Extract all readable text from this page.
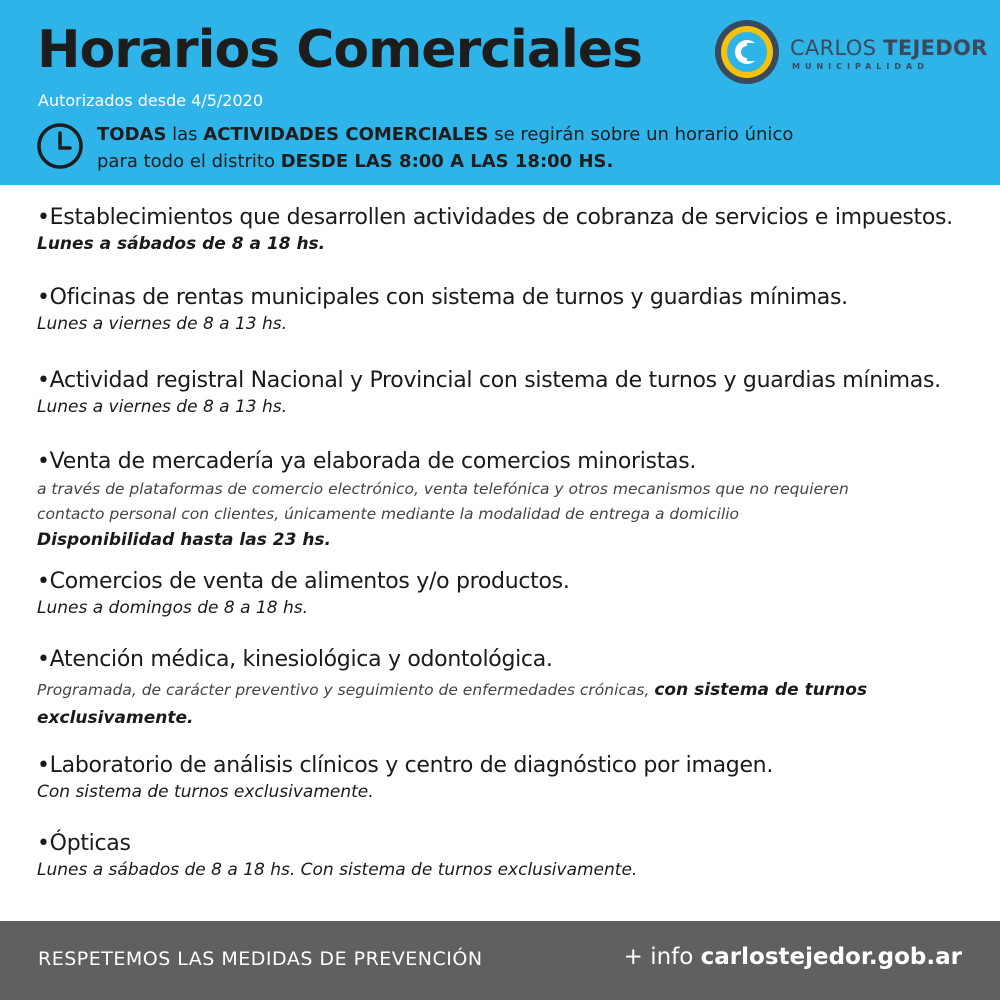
Horarios Comerciales
Autorizados desde 4/5/2020
TODAS las ACTIVIDADES COMERCIALES se regirán sobre un horario único
para todo el distrito DESDE LAS 8:00 A LAS 18:00 HS.
CARLOS TEJEDOR
MUNICIPALIDAD
•Establecimientos que desarrollen actividades de cobranza de servicios e impuestos.
Lunes a sábados de 8 a 18 hs.
•Oficinas de rentas municipales con sistema de turnos y guardias mínimas.
Lunes a viernes de 8 a 13 hs.
•Actividad registral Nacional y Provincial con sistema de turnos y guardias mínimas.
Lunes a viernes de 8 a 13 hs.
•Venta de mercadería ya elaborada de comercios minoristas.
a través de plataformas de comercio electrónico, venta telefónica y otros mecanismos que no requieren
contacto personal con clientes, únicamente mediante la modalidad de entrega a domicilio
Disponibilidad hasta las 23 hs.
•Comercios de venta de alimentos y/o productos.
Lunes a domingos de 8 a 18 hs.
•Atención médica, kinesiológica y odontológica.
Programada, de carácter preventivo y seguimiento de enfermedades crónicas, con sistema de turnos
exclusivamente.
•Laboratorio de análisis clínicos y centro de diagnóstico por imagen.
Con sistema de turnos exclusivamente.
•Ópticas
Lunes a sábados de 8 a 18 hs. Con sistema de turnos exclusivamente.
RESPETEMOS LAS MEDIDAS DE PREVENCIÓN	+ info carlostejedor.gob.ar
